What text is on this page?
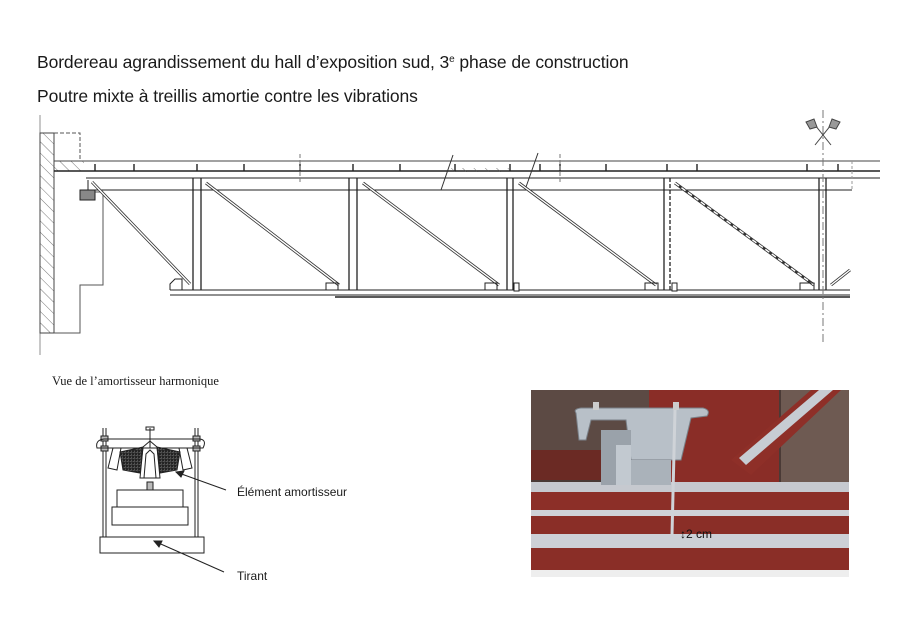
Bordereau agrandissement du hall d’exposition sud, 3e phase de construction
Poutre mixte à treillis amortie contre les vibrations
Vue de l’amortisseur harmonique
Élément amortisseur
Tirant
↕2 cm
